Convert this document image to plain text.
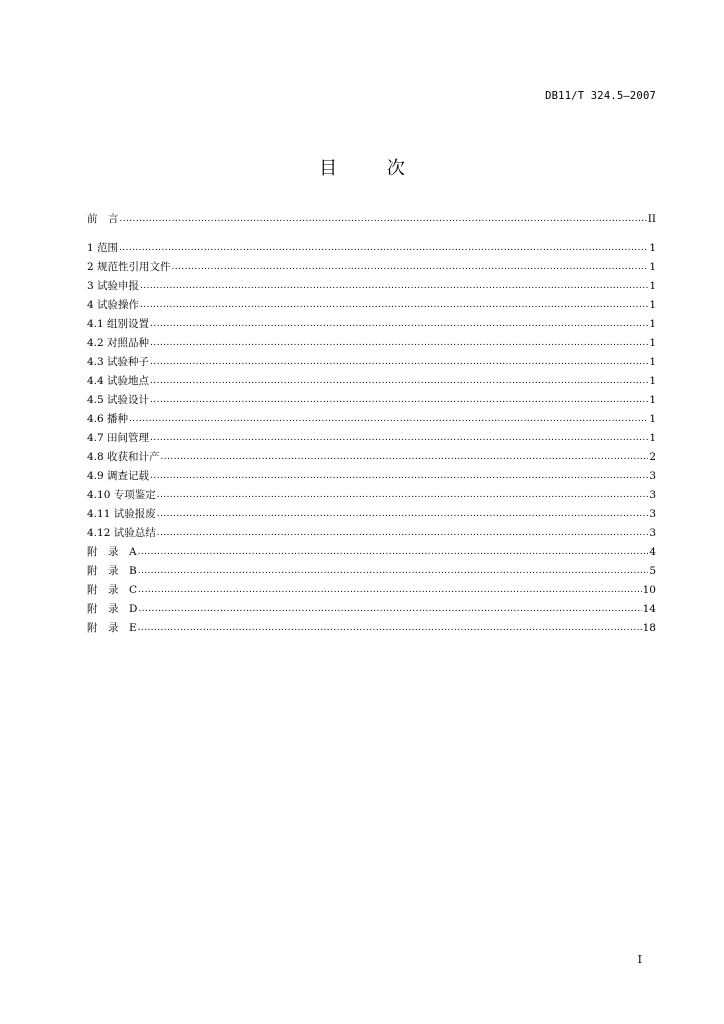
DB11/T 324.5—2007
目 次
前　言 .....	II
1 范围 .....	1
2 规范性引用文件 .....	1
3 试验申报 .....	1
4 试验操作 .....	1
4.1 组别设置 .....	1
4.2 对照品种 .....	1
4.3 试验种子 .....	1
4.4 试验地点 .....	1
4.5 试验设计 .....	1
4.6 播种 .....	1
4.7 田间管理 .....	1
4.8 收获和计产 .....	2
4.9 调查记载 .....	3
4.10 专项鉴定 .....	3
4.11 试验报废 .....	3
4.12 试验总结 .....	3
附　录　A .....	4
附　录　B .....	5
附　录　C .....	10
附　录　D .....	14
附　录　E .....	18
I
